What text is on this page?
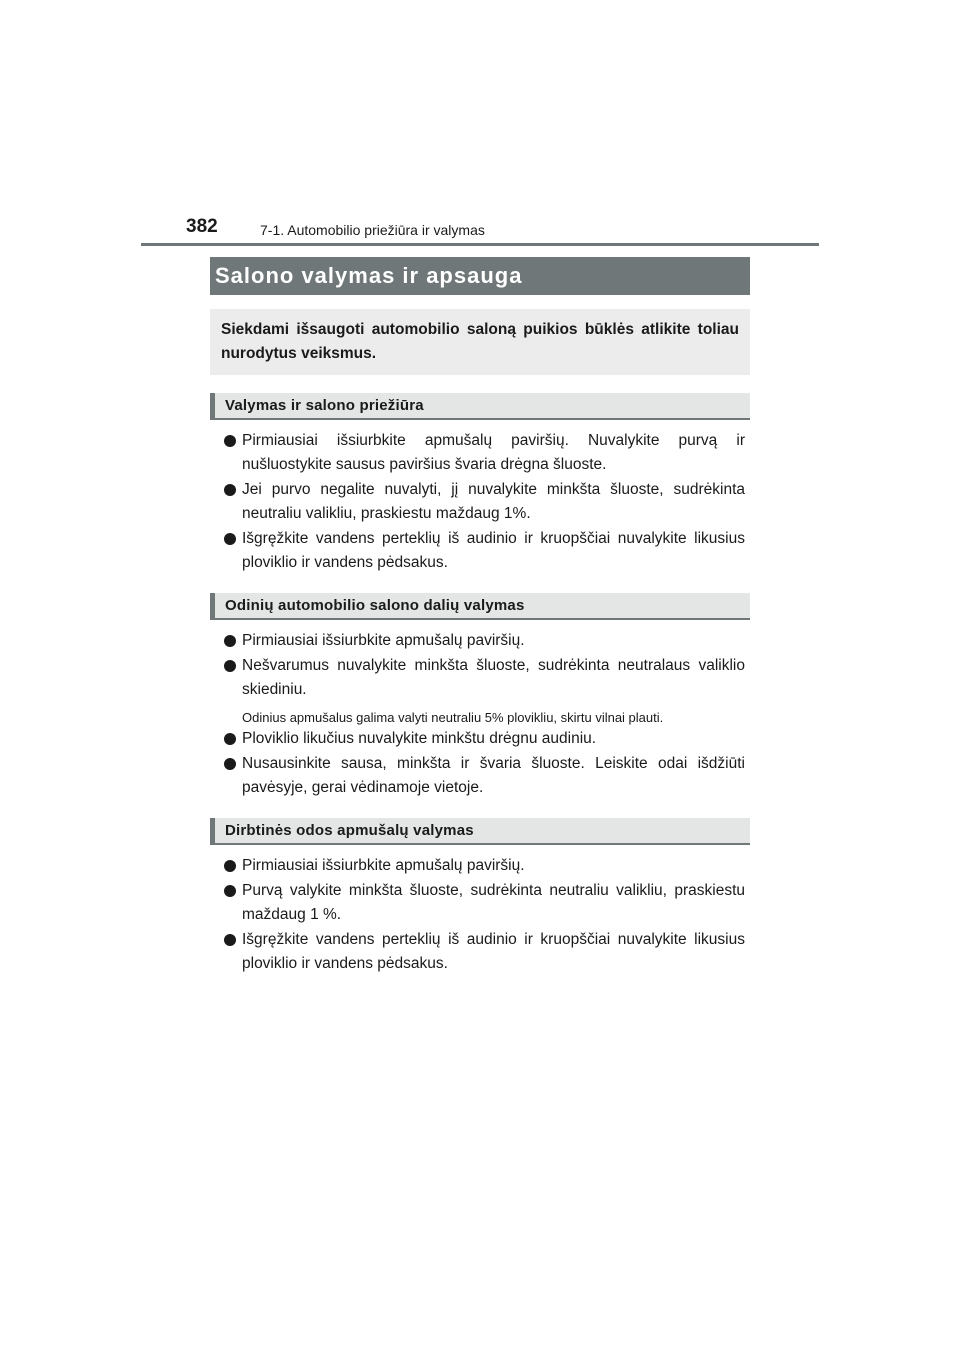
382	7-1. Automobilio priežiūra ir valymas
Salono valymas ir apsauga
Siekdami išsaugoti automobilio saloną puikios būklės atlikite toliau nurodytus veiksmus.
Valymas ir salono priežiūra
Pirmiausiai išsiurbkite apmušalų paviršių. Nuvalykite purvą ir nušluostykite sausus paviršius švaria drėgna šluoste.
Jei purvo negalite nuvalyti, jį nuvalykite minkšta šluoste, sudrėkinta neutraliu valikliu, praskiestu maždaug 1%.
Išgręžkite vandens perteklių iš audinio ir kruopščiai nuvalykite likusius ploviklio ir vandens pėdsakus.
Odinių automobilio salono dalių valymas
Pirmiausiai išsiurbkite apmušalų paviršių.
Nešvarumus nuvalykite minkšta šluoste, sudrėkinta neutralaus valiklio skiediniu.
Odinius apmušalus galima valyti neutraliu 5% plovikliu, skirtu vilnai plauti.
Ploviklio likučius nuvalykite minkštu drėgnu audiniu.
Nusausinkite sausa, minkšta ir švaria šluoste. Leiskite odai išdžiūti pavėsyje, gerai vėdinamoje vietoje.
Dirbtinės odos apmušalų valymas
Pirmiausiai išsiurbkite apmušalų paviršių.
Purvą valykite minkšta šluoste, sudrėkinta neutraliu valikliu, praskiestu maždaug 1 %.
Išgręžkite vandens perteklių iš audinio ir kruopščiai nuvalykite likusius ploviklio ir vandens pėdsakus.
